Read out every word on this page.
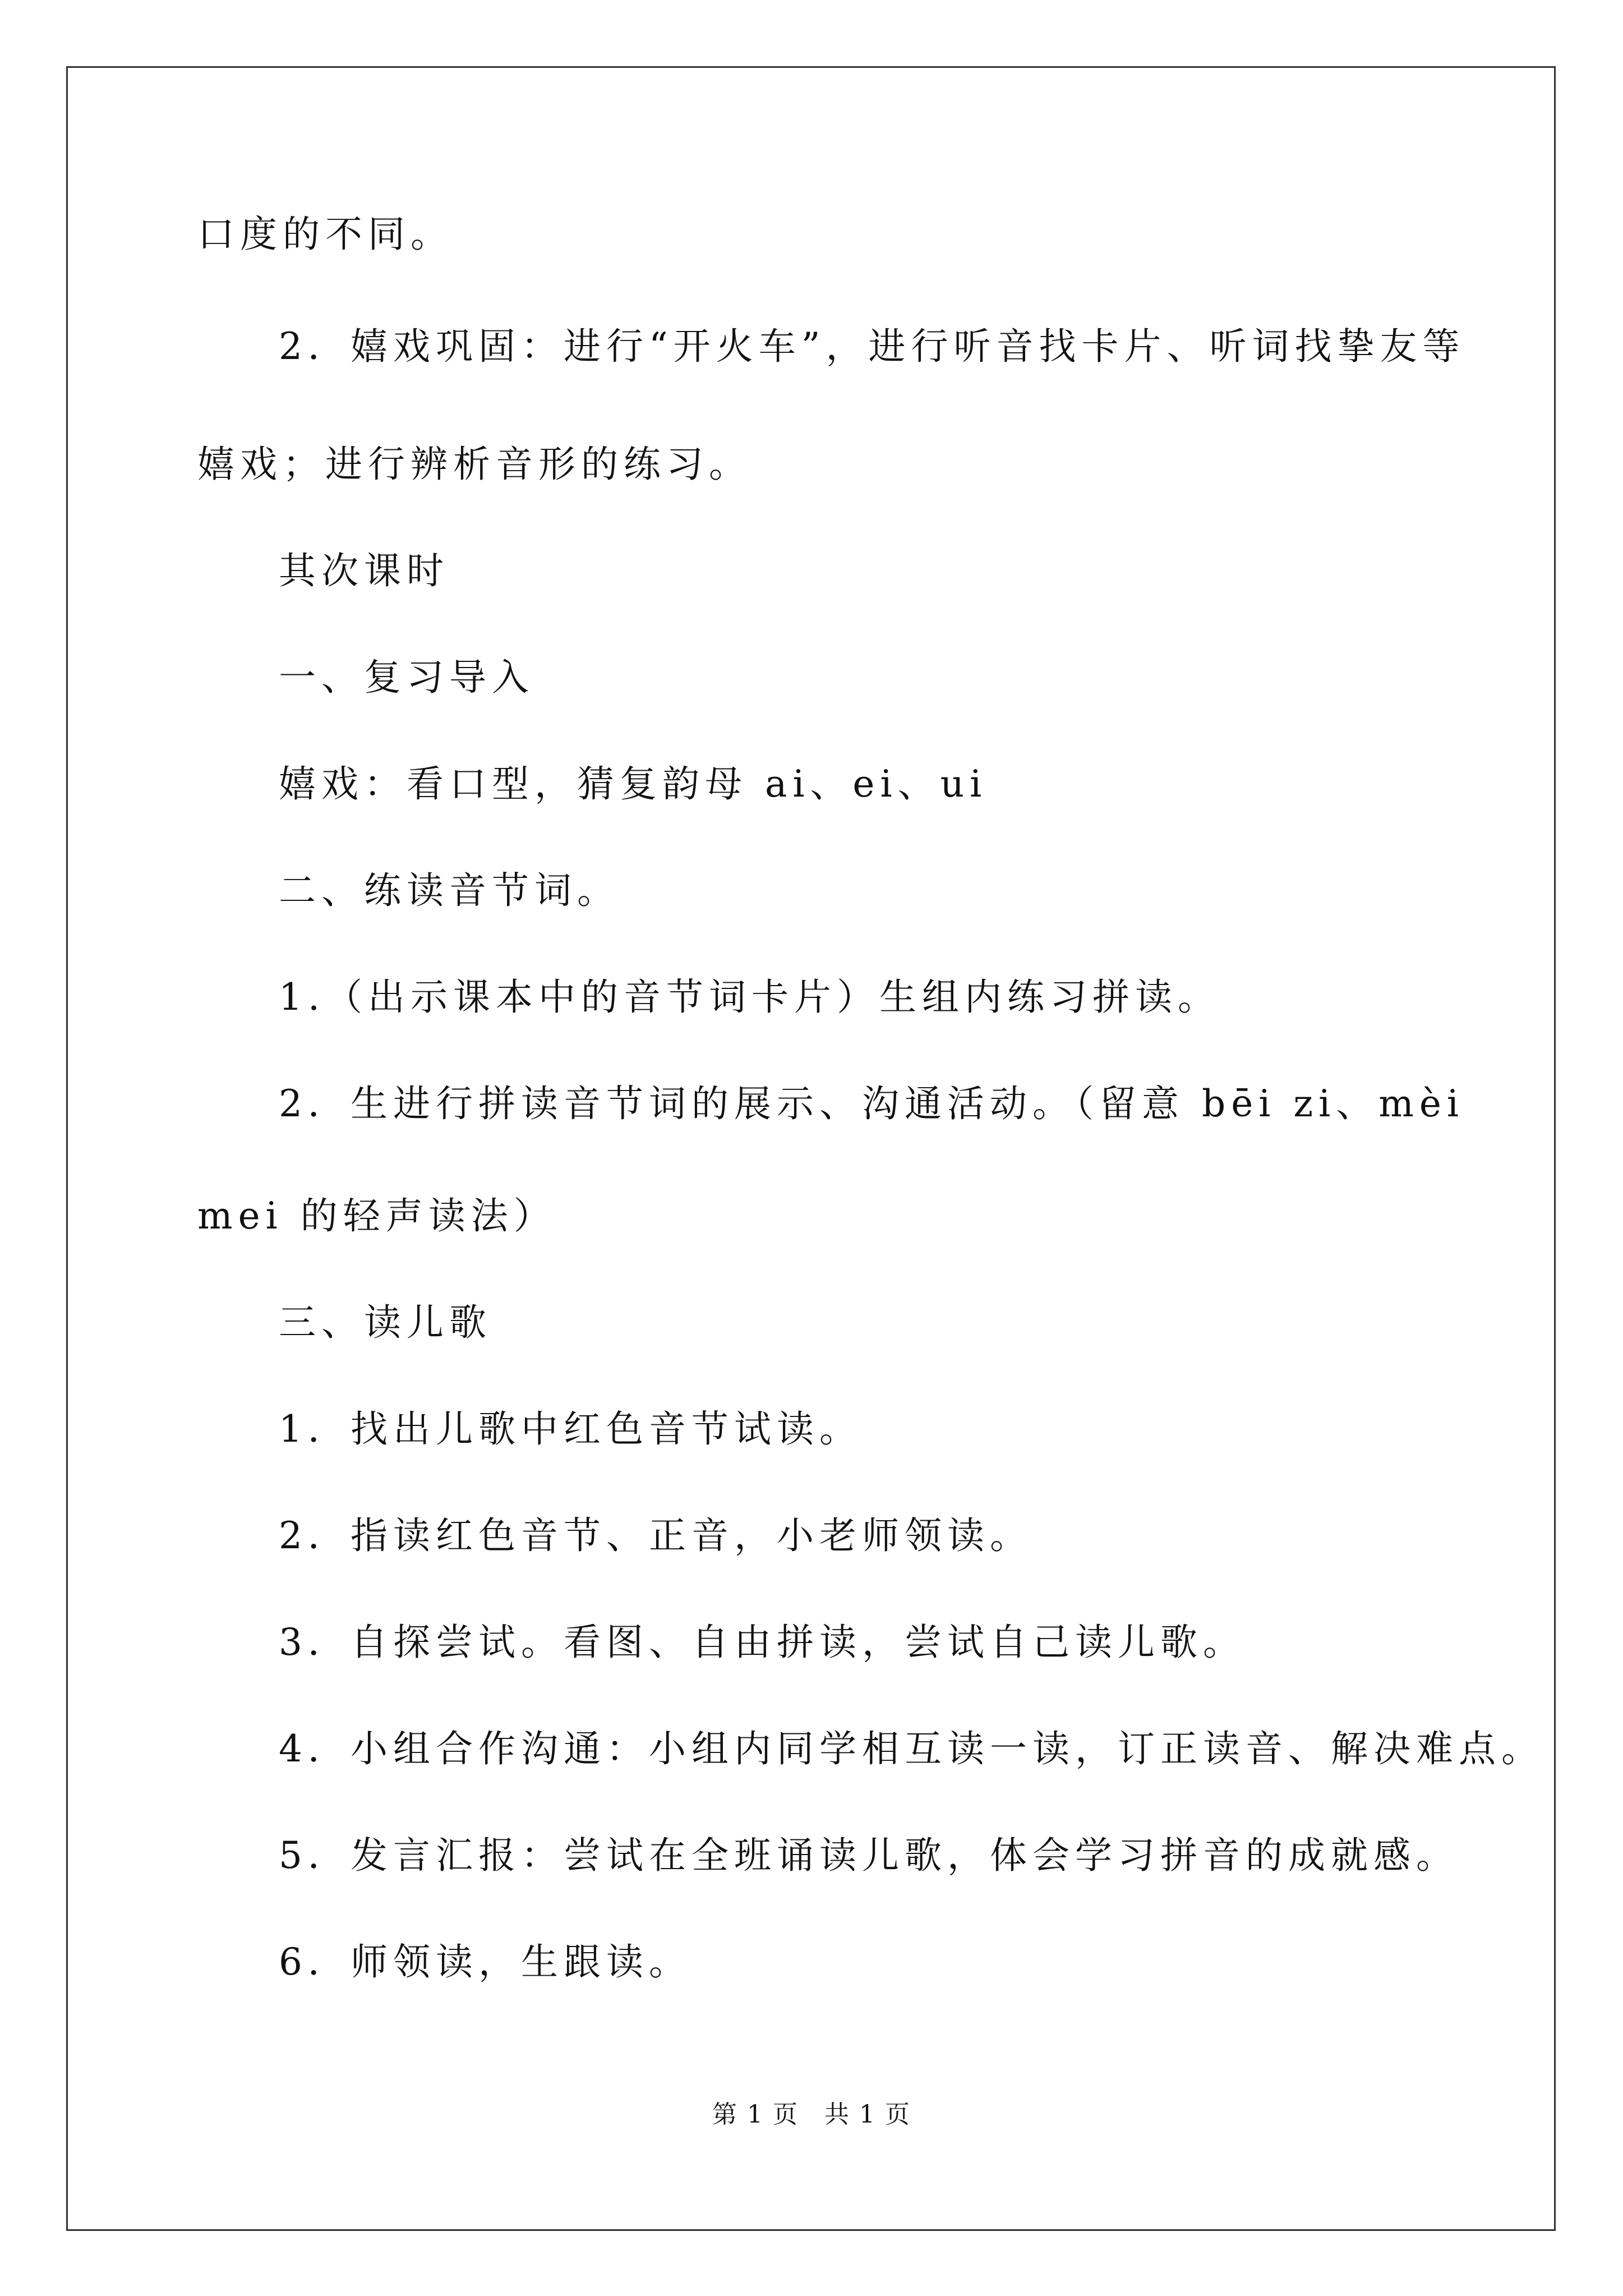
口度的不同。
2．嬉戏巩固：进行“开火车”，进行听音找卡片、听词找挚友等
嬉戏；进行辨析音形的练习。
其次课时
一、复习导入
嬉戏：看口型，猜复韵母 ai、ei、ui
二、练读音节词。
1.（出示课本中的音节词卡片）生组内练习拼读。
2．生进行拼读音节词的展示、沟通活动。（留意 bēi zi、mèi
mei 的轻声读法）
三、读儿歌
1．找出儿歌中红色音节试读。
2．指读红色音节、正音，小老师领读。
3．自探尝试。看图、自由拼读，尝试自己读儿歌。
4．小组合作沟通：小组内同学相互读一读，订正读音、解决难点。
5．发言汇报：尝试在全班诵读儿歌，体会学习拼音的成就感。
6．师领读，生跟读。
第 1 页　共 1 页
